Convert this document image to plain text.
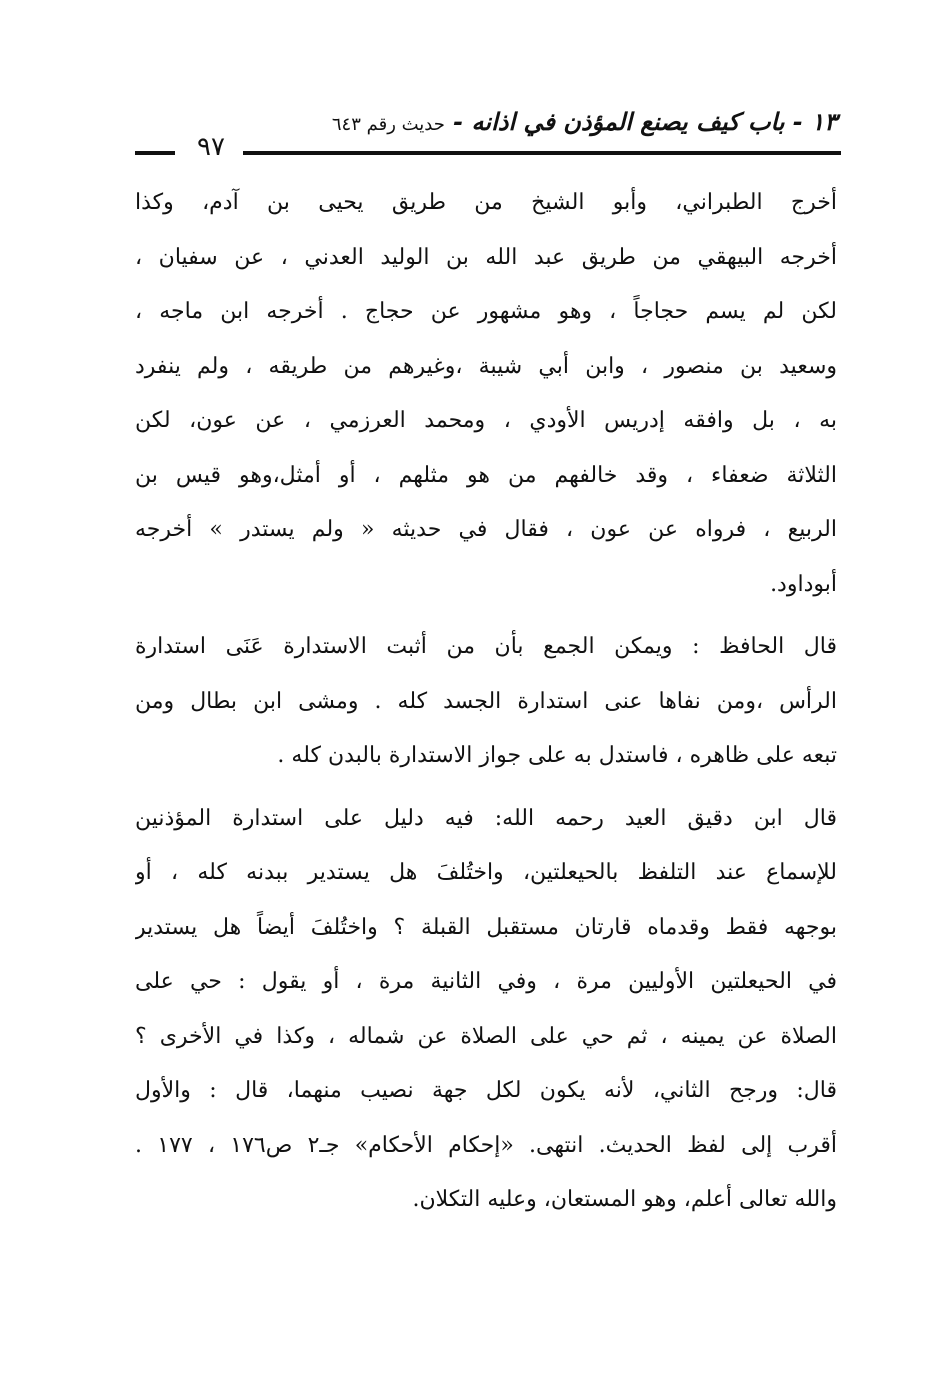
١٣ - باب كيف يصنع المؤذن في اذانه - حديث رقم ٦٤٣
٩٧
أخرج الطبراني، وأبو الشيخ من طريق يحيى بن آدم، وكذا
أخرجه البيهقي من طريق عبد الله بن الوليد العدني ، عن سفيان ،
لكن لم يسم حجاجاً ، وهو مشهور عن حجاج . أخرجه ابن ماجه ،
وسعيد بن منصور ، وابن أبي شيبة ،وغيرهم من طريقه ، ولم ينفرد
به ، بل وافقه إدريس الأودي ، ومحمد العرزمي ، عن عون، لكن
الثلاثة ضعفاء ، وقد خالفهم من هو مثلهم ، أو أمثل،وهو قيس بن
الربيع ، فرواه عن عون ، فقال في حديثه « ولم يستدر » أخرجه
أبوداود.
قال الحافظ : ويمكن الجمع بأن من أثبت الاستدارة عَنَى استدارة
الرأس ،ومن نفاها عنى استدارة الجسد كله . ومشى ابن بطال ومن
تبعه على ظاهره ، فاستدل به على جواز الاستدارة بالبدن كله .
قال ابن دقيق العيد رحمه الله: فيه دليل على استدارة المؤذنين
للإسماع عند التلفظ بالحيعلتين، واختُلفَ هل يستدير ببدنه كله ، أو
بوجهه فقط وقدماه قارتان مستقبل القبلة ؟ واختُلفَ أيضاً هل يستدير
في الحيعلتين الأوليين مرة ، وفي الثانية مرة ، أو يقول : حي على
الصلاة عن يمينه ، ثم حي على الصلاة عن شماله ، وكذا في الأخرى ؟
قال: ورجح الثاني، لأنه يكون لكل جهة نصيب منهما، قال : والأول
أقرب إلى لفظ الحديث. انتهى. «إحكام الأحكام» جـ٢ ص١٧٦ ، ١٧٧ .
والله تعالى أعلم، وهو المستعان، وعليه التكلان.
